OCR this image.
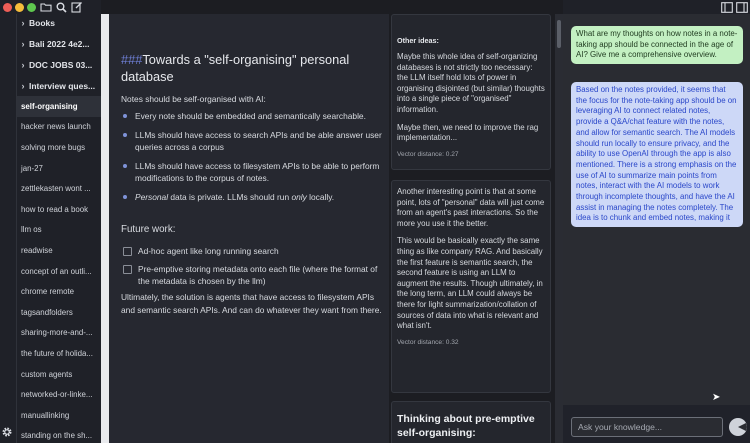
› Books
› Bali 2022 4e2...
› DOC JOBS 03...
› Interview ques...
self-organising
hacker news launch
solving more bugs
jan-27
zettlekasten wont ...
how to read a book
llm os
readwise
concept of an outli...
chrome remote
tagsandfolders
sharing-more-and-...
the future of holida...
custom agents
networked-or-linke...
manuallinking
standing on the sh...
###Towards a "self-organising" personal database
Notes should be self-organised with AI:
Every note should be embedded and semantically searchable.
LLMs should have access to search APIs and be able answer user queries across a corpus
LLMs should have access to filesystem APIs to be able to perform modifications to the corpus of notes.
Personal data is private. LLMs should run only locally.
Future work:
Ad-hoc agent like long running search
Pre-emptive storing metadata onto each file (where the format of the metadata is chosen by the llm)
Ultimately, the solution is agents that have access to filesystem APIs and semantic search APIs. And can do whatever they want from there.
Other ideas:

Maybe this whole idea of self-organizing databases is not strictly too necessary: the LLM itself hold lots of power in organising disjointed (but similar) thoughts into a single piece of "organised" information.

Maybe then, we need to improve the rag implementation...

Vector distance: 0.27

Another interesting point is that at some point, lots of "personal" data will just come from an agent's past interactions. So the more you use it the better.

This would be basically exactly the same thing as like company RAG. And basically the first feature is semantic search, the second feature is using an LLM to augment the results. Though ultimately, in the long term, an LLM could always be there for light summarization/collation of sources of data into what is relevant and what isn't.

Vector distance: 0.32
Thinking about pre-emptive self-organising:
What are my thoughts on how notes in a note-taking app should be connected in the age of AI? Give me a comprehensive overview.
Based on the notes provided, it seems that the focus for the note-taking app should be on leveraging AI to connect related notes, provide a Q&A/chat feature with the notes, and allow for semantic search. The AI models should run locally to ensure privacy, and the ability to use OpenAI through the app is also mentioned. There is a strong emphasis on the use of AI to summarize main points from notes, interact with the AI models to work through incomplete thoughts, and have the AI assist in managing the notes completely. The idea is to chunk and embed notes, making it
Ask your knowledge...
➤
